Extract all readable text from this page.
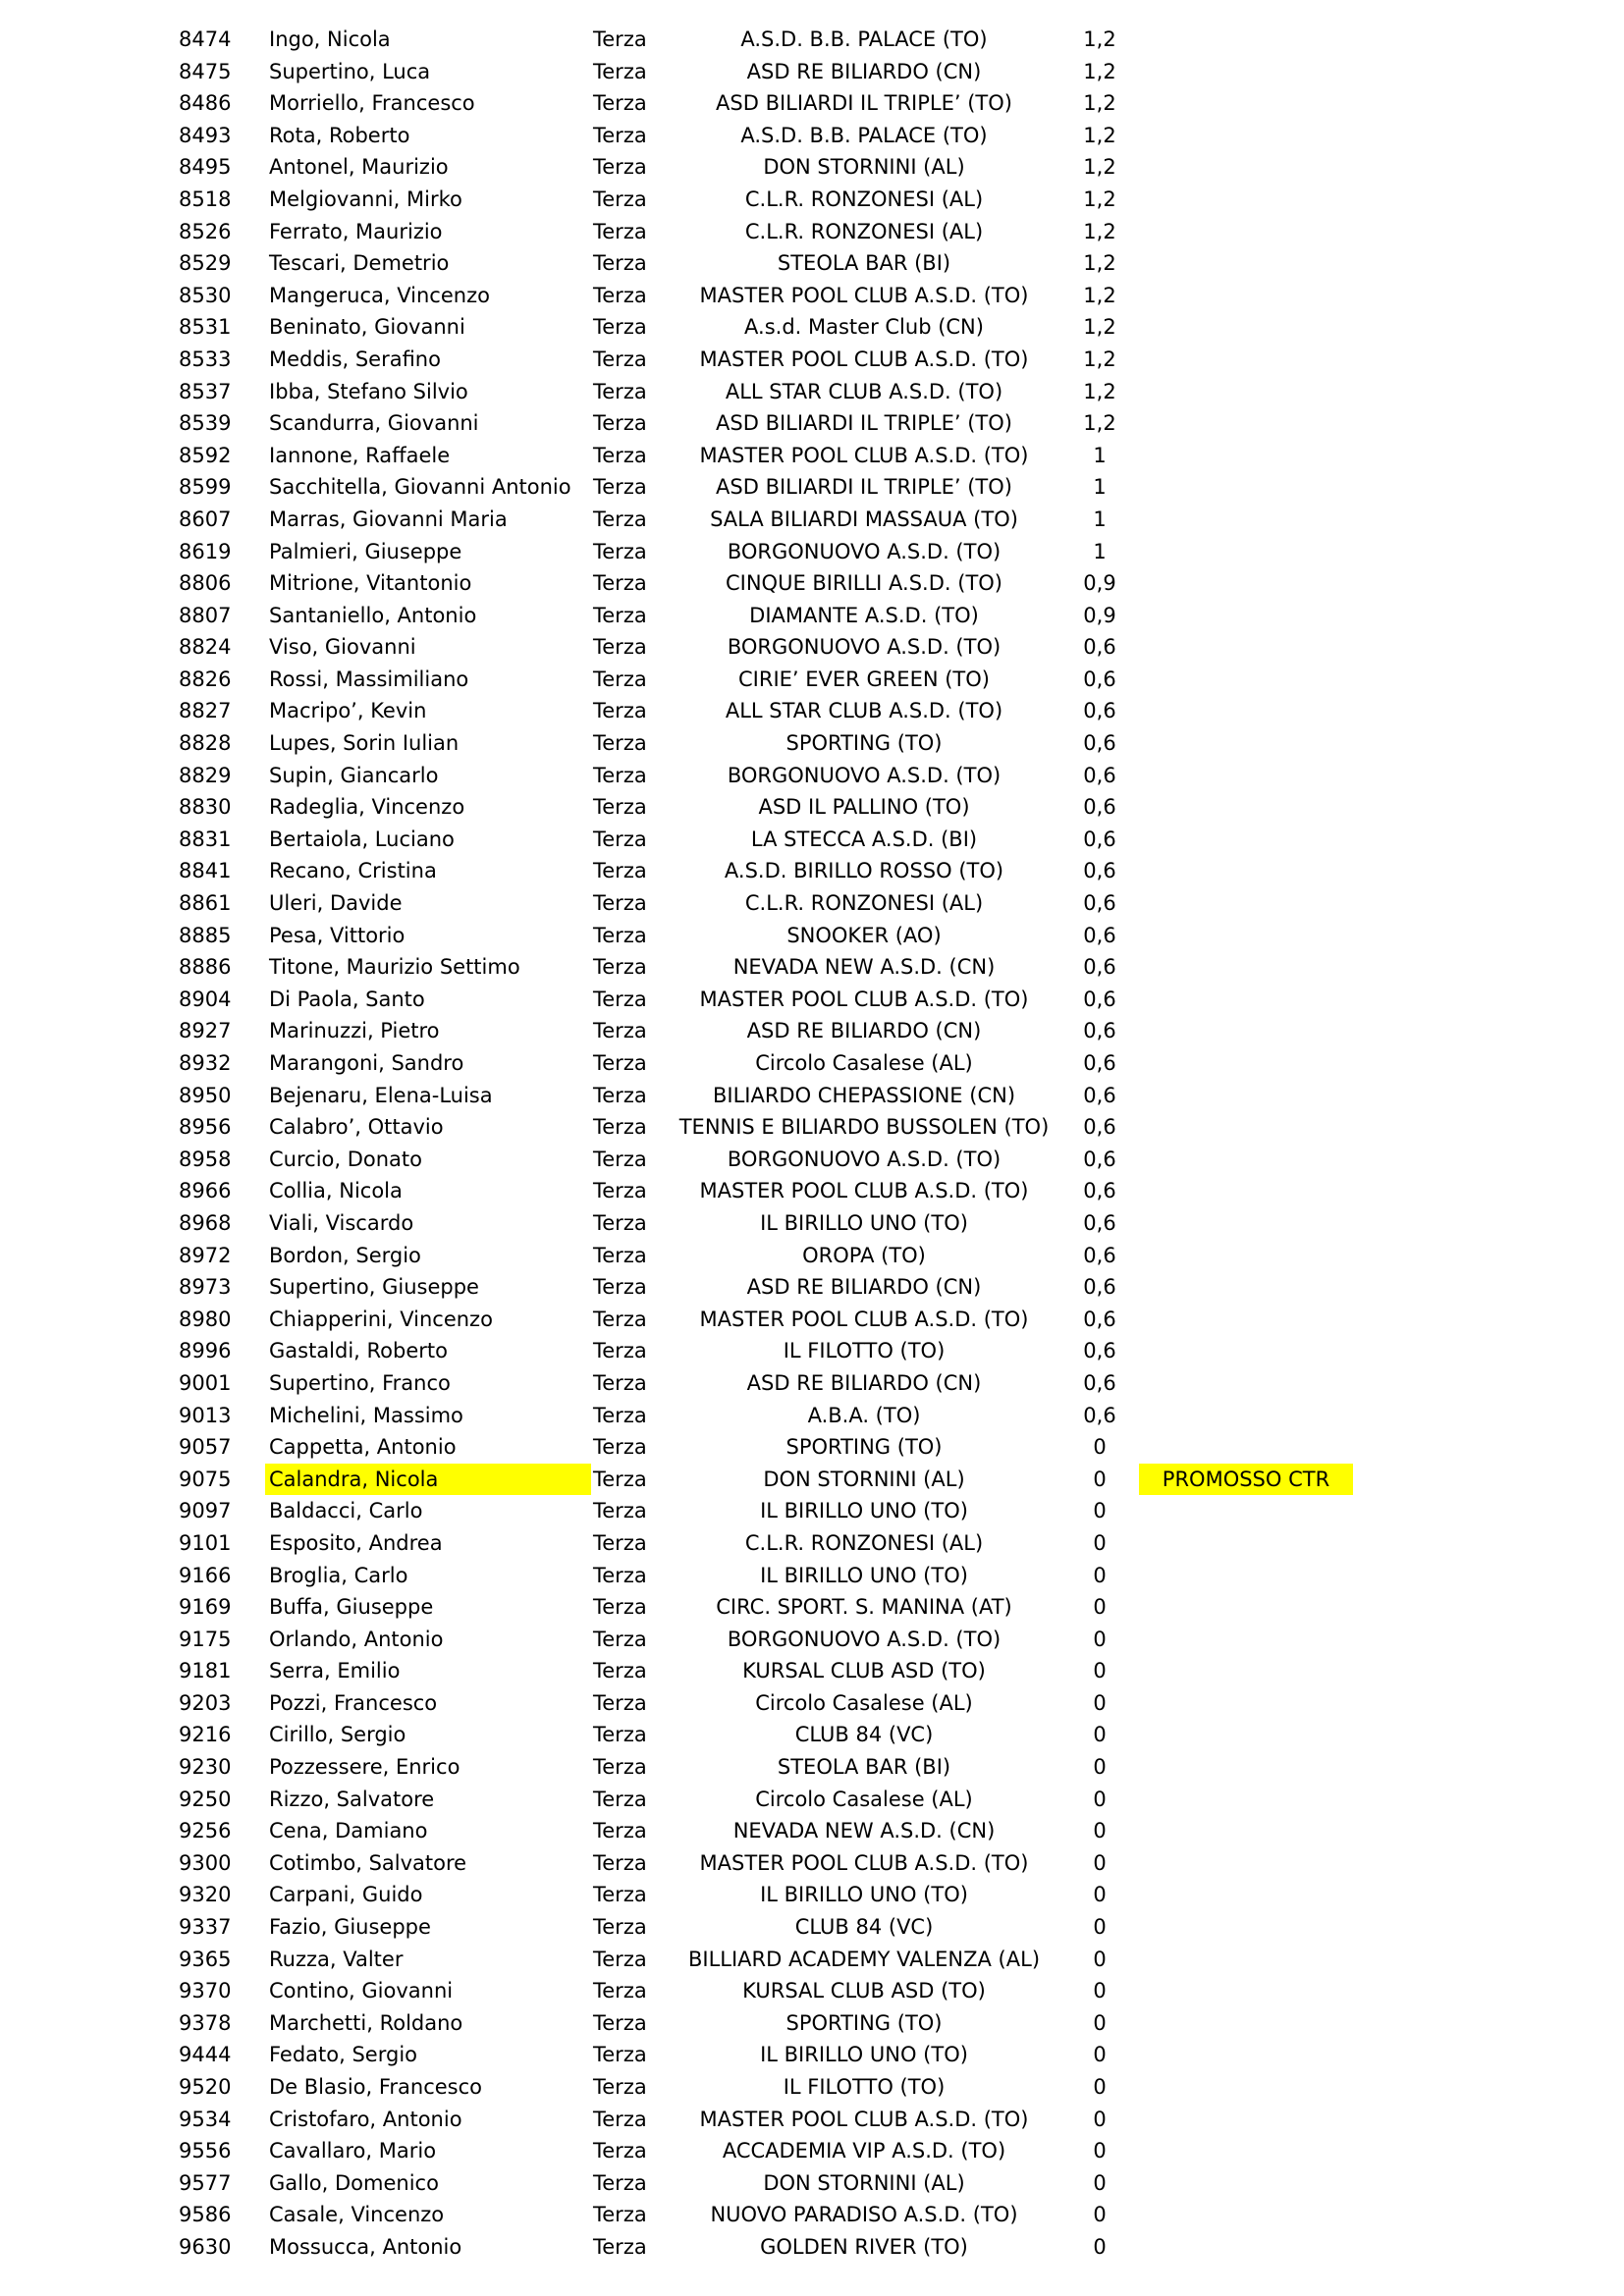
8474	Ingo, Nicola	Terza	A.S.D. B.B. PALACE (TO)	1,2
8475	Supertino, Luca	Terza	ASD RE BILIARDO (CN)	1,2
8486	Morriello, Francesco	Terza	ASD BILIARDI IL TRIPLE’ (TO)	1,2
8493	Rota, Roberto	Terza	A.S.D. B.B. PALACE (TO)	1,2
8495	Antonel, Maurizio	Terza	DON STORNINI (AL)	1,2
8518	Melgiovanni, Mirko	Terza	C.L.R. RONZONESI (AL)	1,2
8526	Ferrato, Maurizio	Terza	C.L.R. RONZONESI (AL)	1,2
8529	Tescari, Demetrio	Terza	STEOLA BAR (BI)	1,2
8530	Mangeruca, Vincenzo	Terza	MASTER POOL CLUB A.S.D. (TO)	1,2
8531	Beninato, Giovanni	Terza	A.s.d. Master Club (CN)	1,2
8533	Meddis, Serafino	Terza	MASTER POOL CLUB A.S.D. (TO)	1,2
8537	Ibba, Stefano Silvio	Terza	ALL STAR CLUB A.S.D. (TO)	1,2
8539	Scandurra, Giovanni	Terza	ASD BILIARDI IL TRIPLE’ (TO)	1,2
8592	Iannone, Raffaele	Terza	MASTER POOL CLUB A.S.D. (TO)	1
8599	Sacchitella, Giovanni Antonio	Terza	ASD BILIARDI IL TRIPLE’ (TO)	1
8607	Marras, Giovanni Maria	Terza	SALA BILIARDI MASSAUA (TO)	1
8619	Palmieri, Giuseppe	Terza	BORGONUOVO A.S.D. (TO)	1
8806	Mitrione, Vitantonio	Terza	CINQUE BIRILLI A.S.D. (TO)	0,9
8807	Santaniello, Antonio	Terza	DIAMANTE A.S.D. (TO)	0,9
8824	Viso, Giovanni	Terza	BORGONUOVO A.S.D. (TO)	0,6
8826	Rossi, Massimiliano	Terza	CIRIE’ EVER GREEN (TO)	0,6
8827	Macripo’, Kevin	Terza	ALL STAR CLUB A.S.D. (TO)	0,6
8828	Lupes, Sorin Iulian	Terza	SPORTING (TO)	0,6
8829	Supin, Giancarlo	Terza	BORGONUOVO A.S.D. (TO)	0,6
8830	Radeglia, Vincenzo	Terza	ASD IL PALLINO (TO)	0,6
8831	Bertaiola, Luciano	Terza	LA STECCA A.S.D. (BI)	0,6
8841	Recano, Cristina	Terza	A.S.D. BIRILLO ROSSO (TO)	0,6
8861	Uleri, Davide	Terza	C.L.R. RONZONESI (AL)	0,6
8885	Pesa, Vittorio	Terza	SNOOKER (AO)	0,6
8886	Titone, Maurizio Settimo	Terza	NEVADA NEW A.S.D. (CN)	0,6
8904	Di Paola, Santo	Terza	MASTER POOL CLUB A.S.D. (TO)	0,6
8927	Marinuzzi, Pietro	Terza	ASD RE BILIARDO (CN)	0,6
8932	Marangoni, Sandro	Terza	Circolo Casalese (AL)	0,6
8950	Bejenaru, Elena-Luisa	Terza	BILIARDO CHEPASSIONE (CN)	0,6
8956	Calabro’, Ottavio	Terza	TENNIS E BILIARDO BUSSOLEN (TO)	0,6
8958	Curcio, Donato	Terza	BORGONUOVO A.S.D. (TO)	0,6
8966	Collia, Nicola	Terza	MASTER POOL CLUB A.S.D. (TO)	0,6
8968	Viali, Viscardo	Terza	IL BIRILLO UNO (TO)	0,6
8972	Bordon, Sergio	Terza	OROPA (TO)	0,6
8973	Supertino, Giuseppe	Terza	ASD RE BILIARDO (CN)	0,6
8980	Chiapperini, Vincenzo	Terza	MASTER POOL CLUB A.S.D. (TO)	0,6
8996	Gastaldi, Roberto	Terza	IL FILOTTO (TO)	0,6
9001	Supertino, Franco	Terza	ASD RE BILIARDO (CN)	0,6
9013	Michelini, Massimo	Terza	A.B.A. (TO)	0,6
9057	Cappetta, Antonio	Terza	SPORTING (TO)	0
9075	Calandra, Nicola	Terza	DON STORNINI (AL)	0	PROMOSSO CTR
9097	Baldacci, Carlo	Terza	IL BIRILLO UNO (TO)	0
9101	Esposito, Andrea	Terza	C.L.R. RONZONESI (AL)	0
9166	Broglia, Carlo	Terza	IL BIRILLO UNO (TO)	0
9169	Buffa, Giuseppe	Terza	CIRC. SPORT. S. MANINA (AT)	0
9175	Orlando, Antonio	Terza	BORGONUOVO A.S.D. (TO)	0
9181	Serra, Emilio	Terza	KURSAL CLUB ASD (TO)	0
9203	Pozzi, Francesco	Terza	Circolo Casalese (AL)	0
9216	Cirillo, Sergio	Terza	CLUB 84 (VC)	0
9230	Pozzessere, Enrico	Terza	STEOLA BAR (BI)	0
9250	Rizzo, Salvatore	Terza	Circolo Casalese (AL)	0
9256	Cena, Damiano	Terza	NEVADA NEW A.S.D. (CN)	0
9300	Cotimbo, Salvatore	Terza	MASTER POOL CLUB A.S.D. (TO)	0
9320	Carpani, Guido	Terza	IL BIRILLO UNO (TO)	0
9337	Fazio, Giuseppe	Terza	CLUB 84 (VC)	0
9365	Ruzza, Valter	Terza	BILLIARD ACADEMY VALENZA (AL)	0
9370	Contino, Giovanni	Terza	KURSAL CLUB ASD (TO)	0
9378	Marchetti, Roldano	Terza	SPORTING (TO)	0
9444	Fedato, Sergio	Terza	IL BIRILLO UNO (TO)	0
9520	De Blasio, Francesco	Terza	IL FILOTTO (TO)	0
9534	Cristofaro, Antonio	Terza	MASTER POOL CLUB A.S.D. (TO)	0
9556	Cavallaro, Mario	Terza	ACCADEMIA VIP A.S.D. (TO)	0
9577	Gallo, Domenico	Terza	DON STORNINI (AL)	0
9586	Casale, Vincenzo	Terza	NUOVO PARADISO A.S.D. (TO)	0
9630	Mossucca, Antonio	Terza	GOLDEN RIVER (TO)	0
